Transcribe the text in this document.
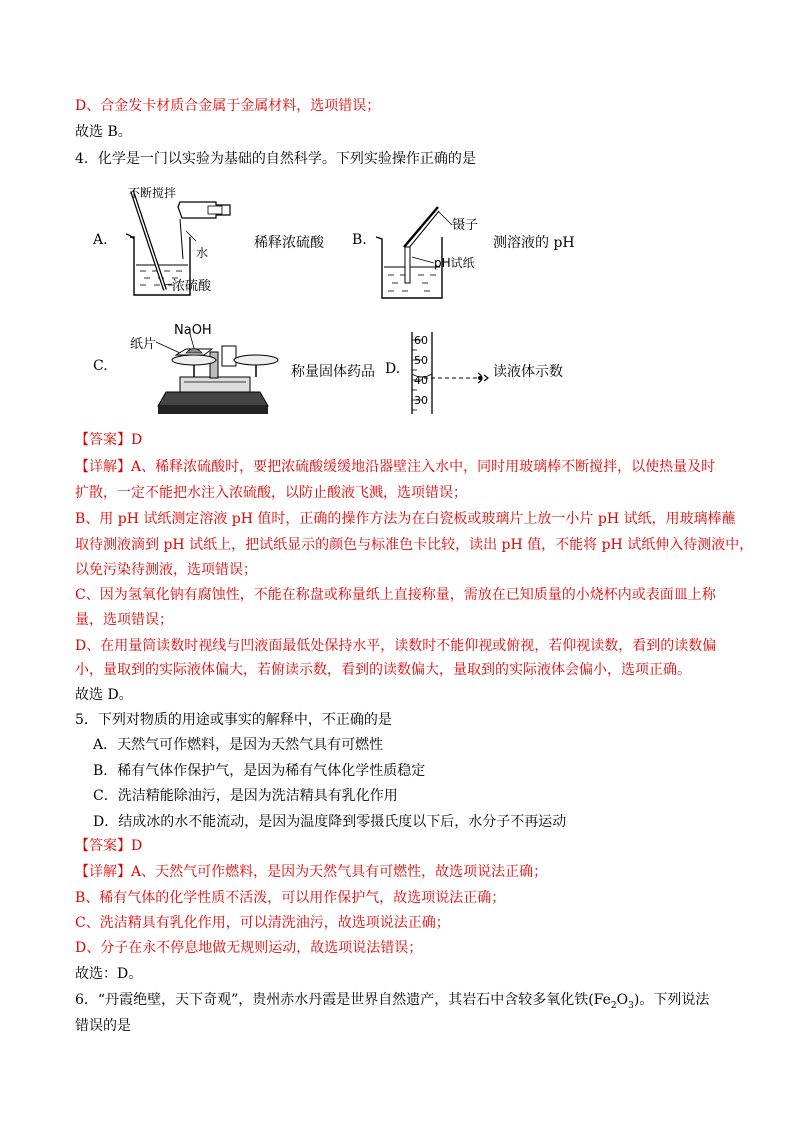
D、合金发卡材质合金属于金属材料，选项错误；
故选 B。
4．化学是一门以实验为基础的自然科学。下列实验操作正确的是
A.
不断搅拌
水
浓硫酸
稀释浓硫酸 B.
镊子
pH试纸
测溶液的 pH
C.
纸片
NaOH
称量固体药品 D.
60
50
40
30
读液体示数
【答案】D
【详解】A、稀释浓硫酸时，要把浓硫酸缓缓地沿器壁注入水中，同时用玻璃棒不断搅拌，以使热量及时
扩散，一定不能把水注入浓硫酸，以防止酸液飞溅，选项错误；
B、用 pH 试纸测定溶液 pH 值时，正确的操作方法为在白瓷板或玻璃片上放一小片 pH 试纸，用玻璃棒蘸
取待测液滴到 pH 试纸上，把试纸显示的颜色与标准色卡比较，读出 pH 值，不能将 pH 试纸伸入待测液中，
以免污染待测液，选项错误；
C、因为氢氧化钠有腐蚀性，不能在称盘或称量纸上直接称量，需放在已知质量的小烧杯内或表面皿上称
量，选项错误；
D、在用量筒读数时视线与凹液面最低处保持水平，读数时不能仰视或俯视，若仰视读数，看到的读数偏
小，量取到的实际液体偏大，若俯读示数，看到的读数偏大，量取到的实际液体会偏小，选项正确。
故选 D。
5．下列对物质的用途或事实的解释中，不正确的是
A．天然气可作燃料，是因为天然气具有可燃性
B．稀有气体作保护气，是因为稀有气体化学性质稳定
C．洗洁精能除油污，是因为洗洁精具有乳化作用
D．结成冰的水不能流动，是因为温度降到零摄氏度以下后，水分子不再运动
【答案】D
【详解】A、天然气可作燃料，是因为天然气具有可燃性，故选项说法正确；
B、稀有气体的化学性质不活泼，可以用作保护气，故选项说法正确；
C、洗洁精具有乳化作用，可以清洗油污，故选项说法正确；
D、分子在永不停息地做无规则运动，故选项说法错误；
故选：D。
6．“丹霞绝壁，天下奇观”，贵州赤水丹霞是世界自然遗产，其岩石中含较多氧化铁$(Fe_2O_3)$。下列说法
错误的是
